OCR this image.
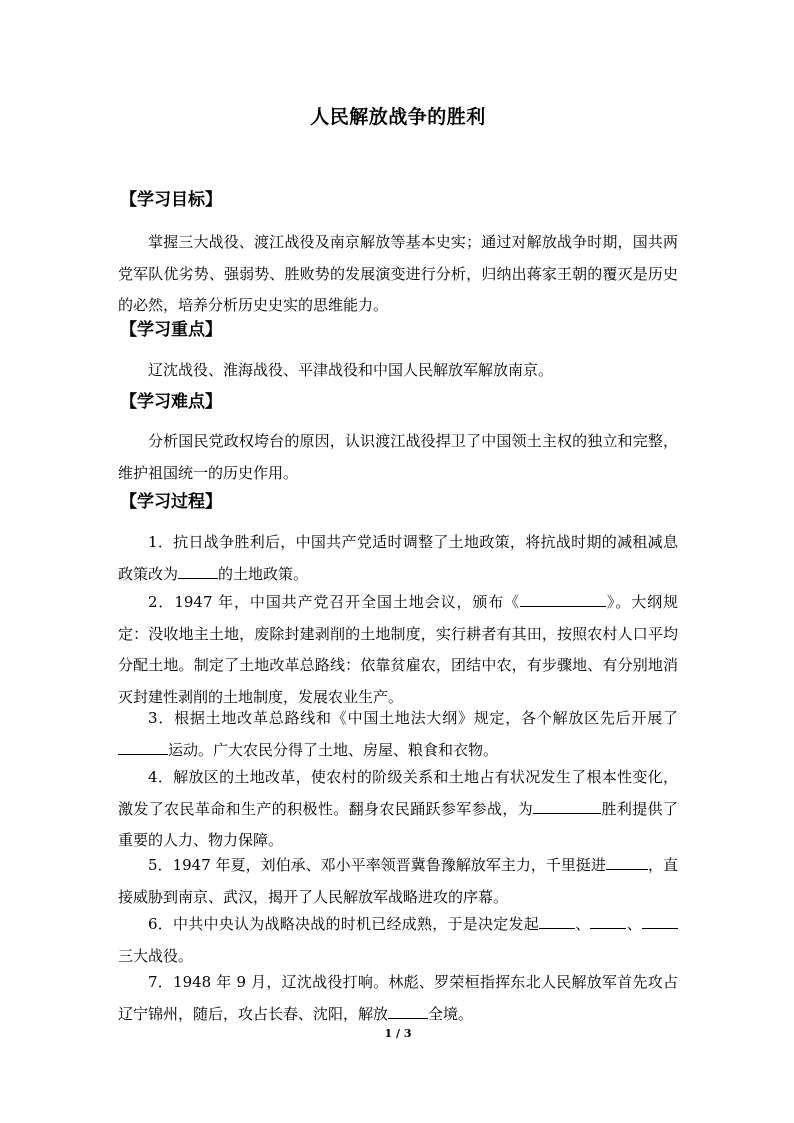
人民解放战争的胜利
【学习目标】

掌握三大战役、渡江战役及南京解放等基本史实；通过对解放战争时期，国共两党军队优劣势、强弱势、胜败势的发展演变进行分析，归纳出蒋家王朝的覆灭是历史的必然，培养分析历史史实的思维能力。

【学习重点】

辽沈战役、淮海战役、平津战役和中国人民解放军解放南京。

【学习难点】

分析国民党政权垮台的原因，认识渡江战役捍卫了中国领土主权的独立和完整，维护祖国统一的历史作用。

【学习过程】

1．抗日战争胜利后，中国共产党适时调整了土地政策，将抗战时期的减租减息政策改为	的土地政策。

2．1947 年，中国共产党召开全国土地会议，颁布《	》。大纲规定：没收地主土地，废除封建剥削的土地制度，实行耕者有其田，按照农村人口平均分配土地。制定了土地改革总路线：依靠贫雇农，团结中农，有步骤地、有分别地消灭封建性剥削的土地制度，发展农业生产。

3．根据土地改革总路线和《中国土地法大纲》规定，各个解放区先后开展了运动。广大农民分得了土地、房屋、粮食和衣物。

4．解放区的土地改革，使农村的阶级关系和土地占有状况发生了根本性变化，激发了农民革命和生产的积极性。翻身农民踊跃参军参战，为	胜利提供了重要的人力、物力保障。

5．1947 年夏，刘伯承、邓小平率领晋冀鲁豫解放军主力，千里挺进	，直接威胁到南京、武汉，揭开了人民解放军战略进攻的序幕。

6．中共中央认为战略决战的时机已经成熟，于是决定发起 、 、三大战役。

7．1948 年 9 月，辽沈战役打响。林彪、罗荣桓指挥东北人民解放军首先攻占辽宁锦州，随后，攻占长春、沈阳，解放	全境。

1 / 3
